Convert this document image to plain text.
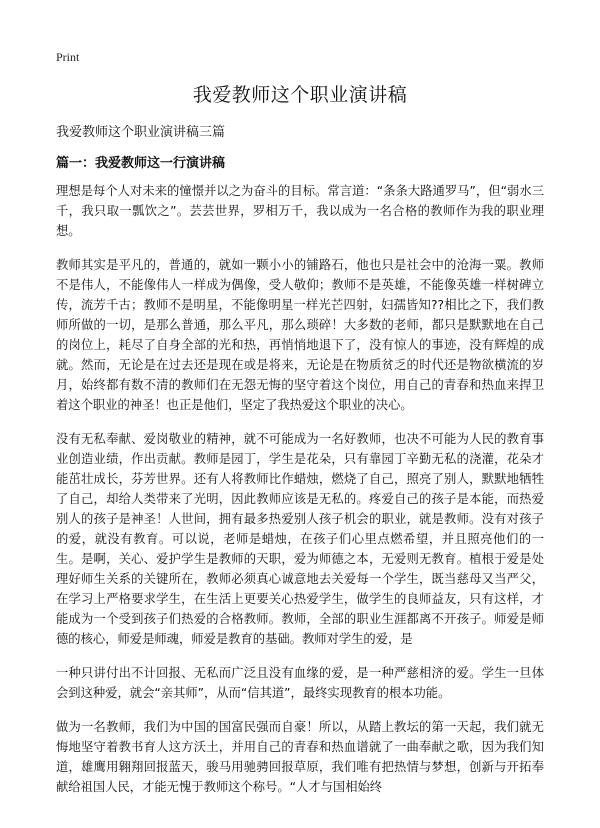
Print
我爱教师这个职业演讲稿
我爱教师这个职业演讲稿三篇
篇一：我爱教师这一行演讲稿

理想是每个人对未来的憧憬并以之为奋斗的目标。常言道：“条条大路通罗马”，但“弱水三千，我只取一瓢饮之”。芸芸世界，罗相万千，我以成为一名合格的教师作为我的职业理想。

教师其实是平凡的，普通的，就如一颗小小的铺路石，他也只是社会中的沧海一粟。教师不是伟人，不能像伟人一样成为偶像，受人敬仰；教师不是英雄，不能像英雄一样树碑立传，流芳千古；教师不是明星，不能像明星一样光芒四射，妇孺皆知??相比之下，我们教师所做的一切，是那么普通，那么平凡，那么琐碎！大多数的老师，都只是默默地在自己的岗位上，耗尽了自身全部的光和热，再悄悄地退下了，没有惊人的事迹，没有辉煌的成就。然而，无论是在过去还是现在或是将来，无论是在物质贫乏的时代还是物欲横流的岁月，始终都有数不清的教师们在无怨无悔的坚守着这个岗位，用自己的青春和热血来捍卫着这个职业的神圣！也正是他们，坚定了我热爱这个职业的决心。

没有无私奉献、爱岗敬业的精神，就不可能成为一名好教师，也决不可能为人民的教育事业创造业绩，作出贡献。教师是园丁，学生是花朵，只有靠园丁辛勤无私的浇灌，花朵才能茁壮成长，芬芳世界。还有人将教师比作蜡烛，燃烧了自己，照亮了别人，默默地牺牲了自己，却给人类带来了光明，因此教师应该是无私的。疼爱自己的孩子是本能，而热爱别人的孩子是神圣！人世间，拥有最多热爱别人孩子机会的职业，就是教师。没有对孩子的爱，就没有教育。可以说，老师是蜡烛，在孩子们心里点燃希望，并且照亮他们的一生。是啊，关心、爱护学生是教师的天职，爱为师德之本，无爱则无教育。植根于爱是处理好师生关系的关键所在，教师必须真心诚意地去关爱每一个学生，既当慈母又当严父，在学习上严格要求学生，在生活上更要关心热爱学生，做学生的良师益友，只有这样，才能成为一个受到孩子们热爱的合格教师。教师，全部的职业生涯都离不开孩子。师爱是师德的核心，师爱是师魂，师爱是教育的基础。教师对学生的爱，是

一种只讲付出不计回报、无私而广泛且没有血缘的爱，是一种严慈相济的爱。学生一旦体会到这种爱，就会“亲其师”，从而“信其道”，最终实现教育的根本功能。

做为一名教师，我们为中国的国富民强而自豪！所以，从踏上教坛的第一天起，我们就无悔地坚守着教书育人这方沃土，并用自己的青春和热血谱就了一曲奉献之歌，因为我们知道，雄鹰用翱翔回报蓝天，骏马用驰骋回报草原，我们唯有把热情与梦想，创新与开拓奉献给祖国人民，才能无愧于教师这个称号。“人才与国相始终
